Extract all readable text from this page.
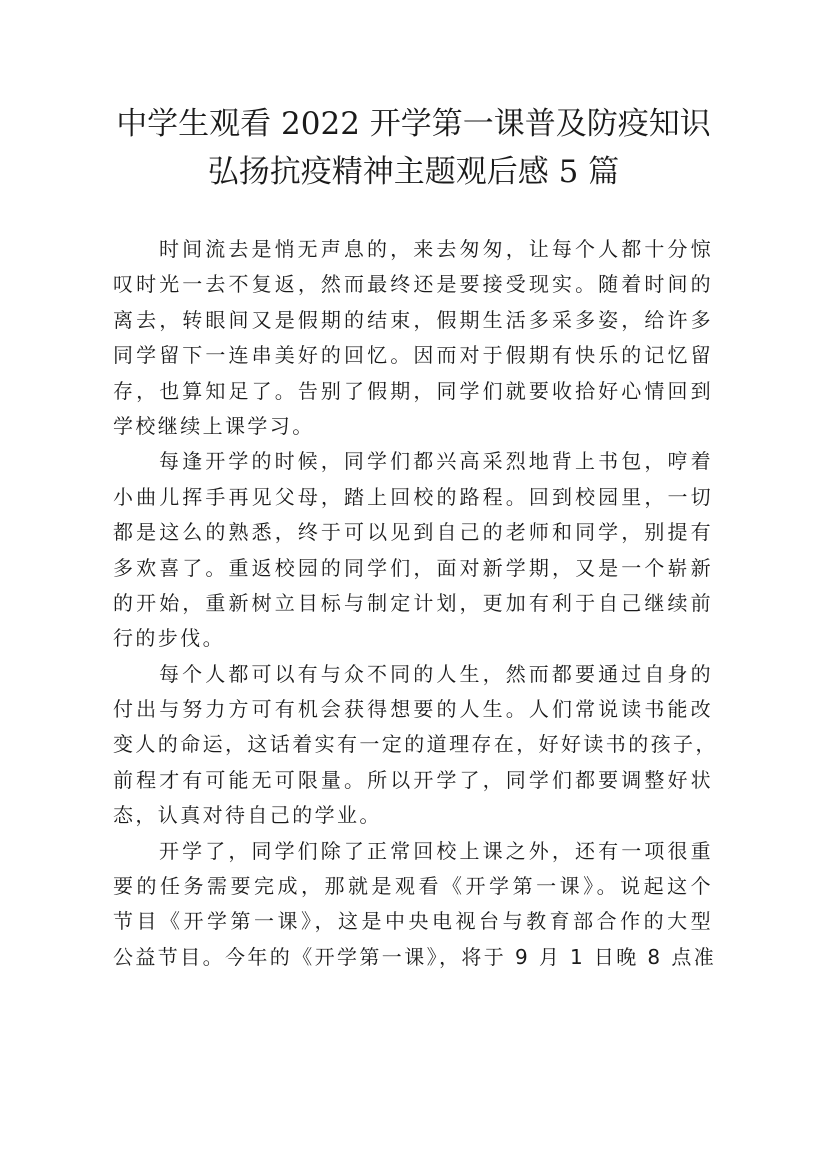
中学生观看 2022 开学第一课普及防疫知识
弘扬抗疫精神主题观后感 5 篇

时间流去是悄无声息的，来去匆匆，让每个人都十分惊
叹时光一去不复返，然而最终还是要接受现实。随着时间的
离去，转眼间又是假期的结束，假期生活多采多姿，给许多
同学留下一连串美好的回忆。因而对于假期有快乐的记忆留
存，也算知足了。告别了假期，同学们就要收拾好心情回到
学校继续上课学习。

每逢开学的时候，同学们都兴高采烈地背上书包，哼着
小曲儿挥手再见父母，踏上回校的路程。回到校园里，一切
都是这么的熟悉，终于可以见到自己的老师和同学，别提有
多欢喜了。重返校园的同学们，面对新学期，又是一个崭新
的开始，重新树立目标与制定计划，更加有利于自己继续前
行的步伐。

每个人都可以有与众不同的人生，然而都要通过自身的
付出与努力方可有机会获得想要的人生。人们常说读书能改
变人的命运，这话着实有一定的道理存在，好好读书的孩子，
前程才有可能无可限量。所以开学了，同学们都要调整好状
态，认真对待自己的学业。

开学了，同学们除了正常回校上课之外，还有一项很重
要的任务需要完成，那就是观看《开学第一课》。说起这个
节目《开学第一课》，这是中央电视台与教育部合作的大型
公益节目。今年的《开学第一课》，将于 9 月 1 日晚 8 点准
